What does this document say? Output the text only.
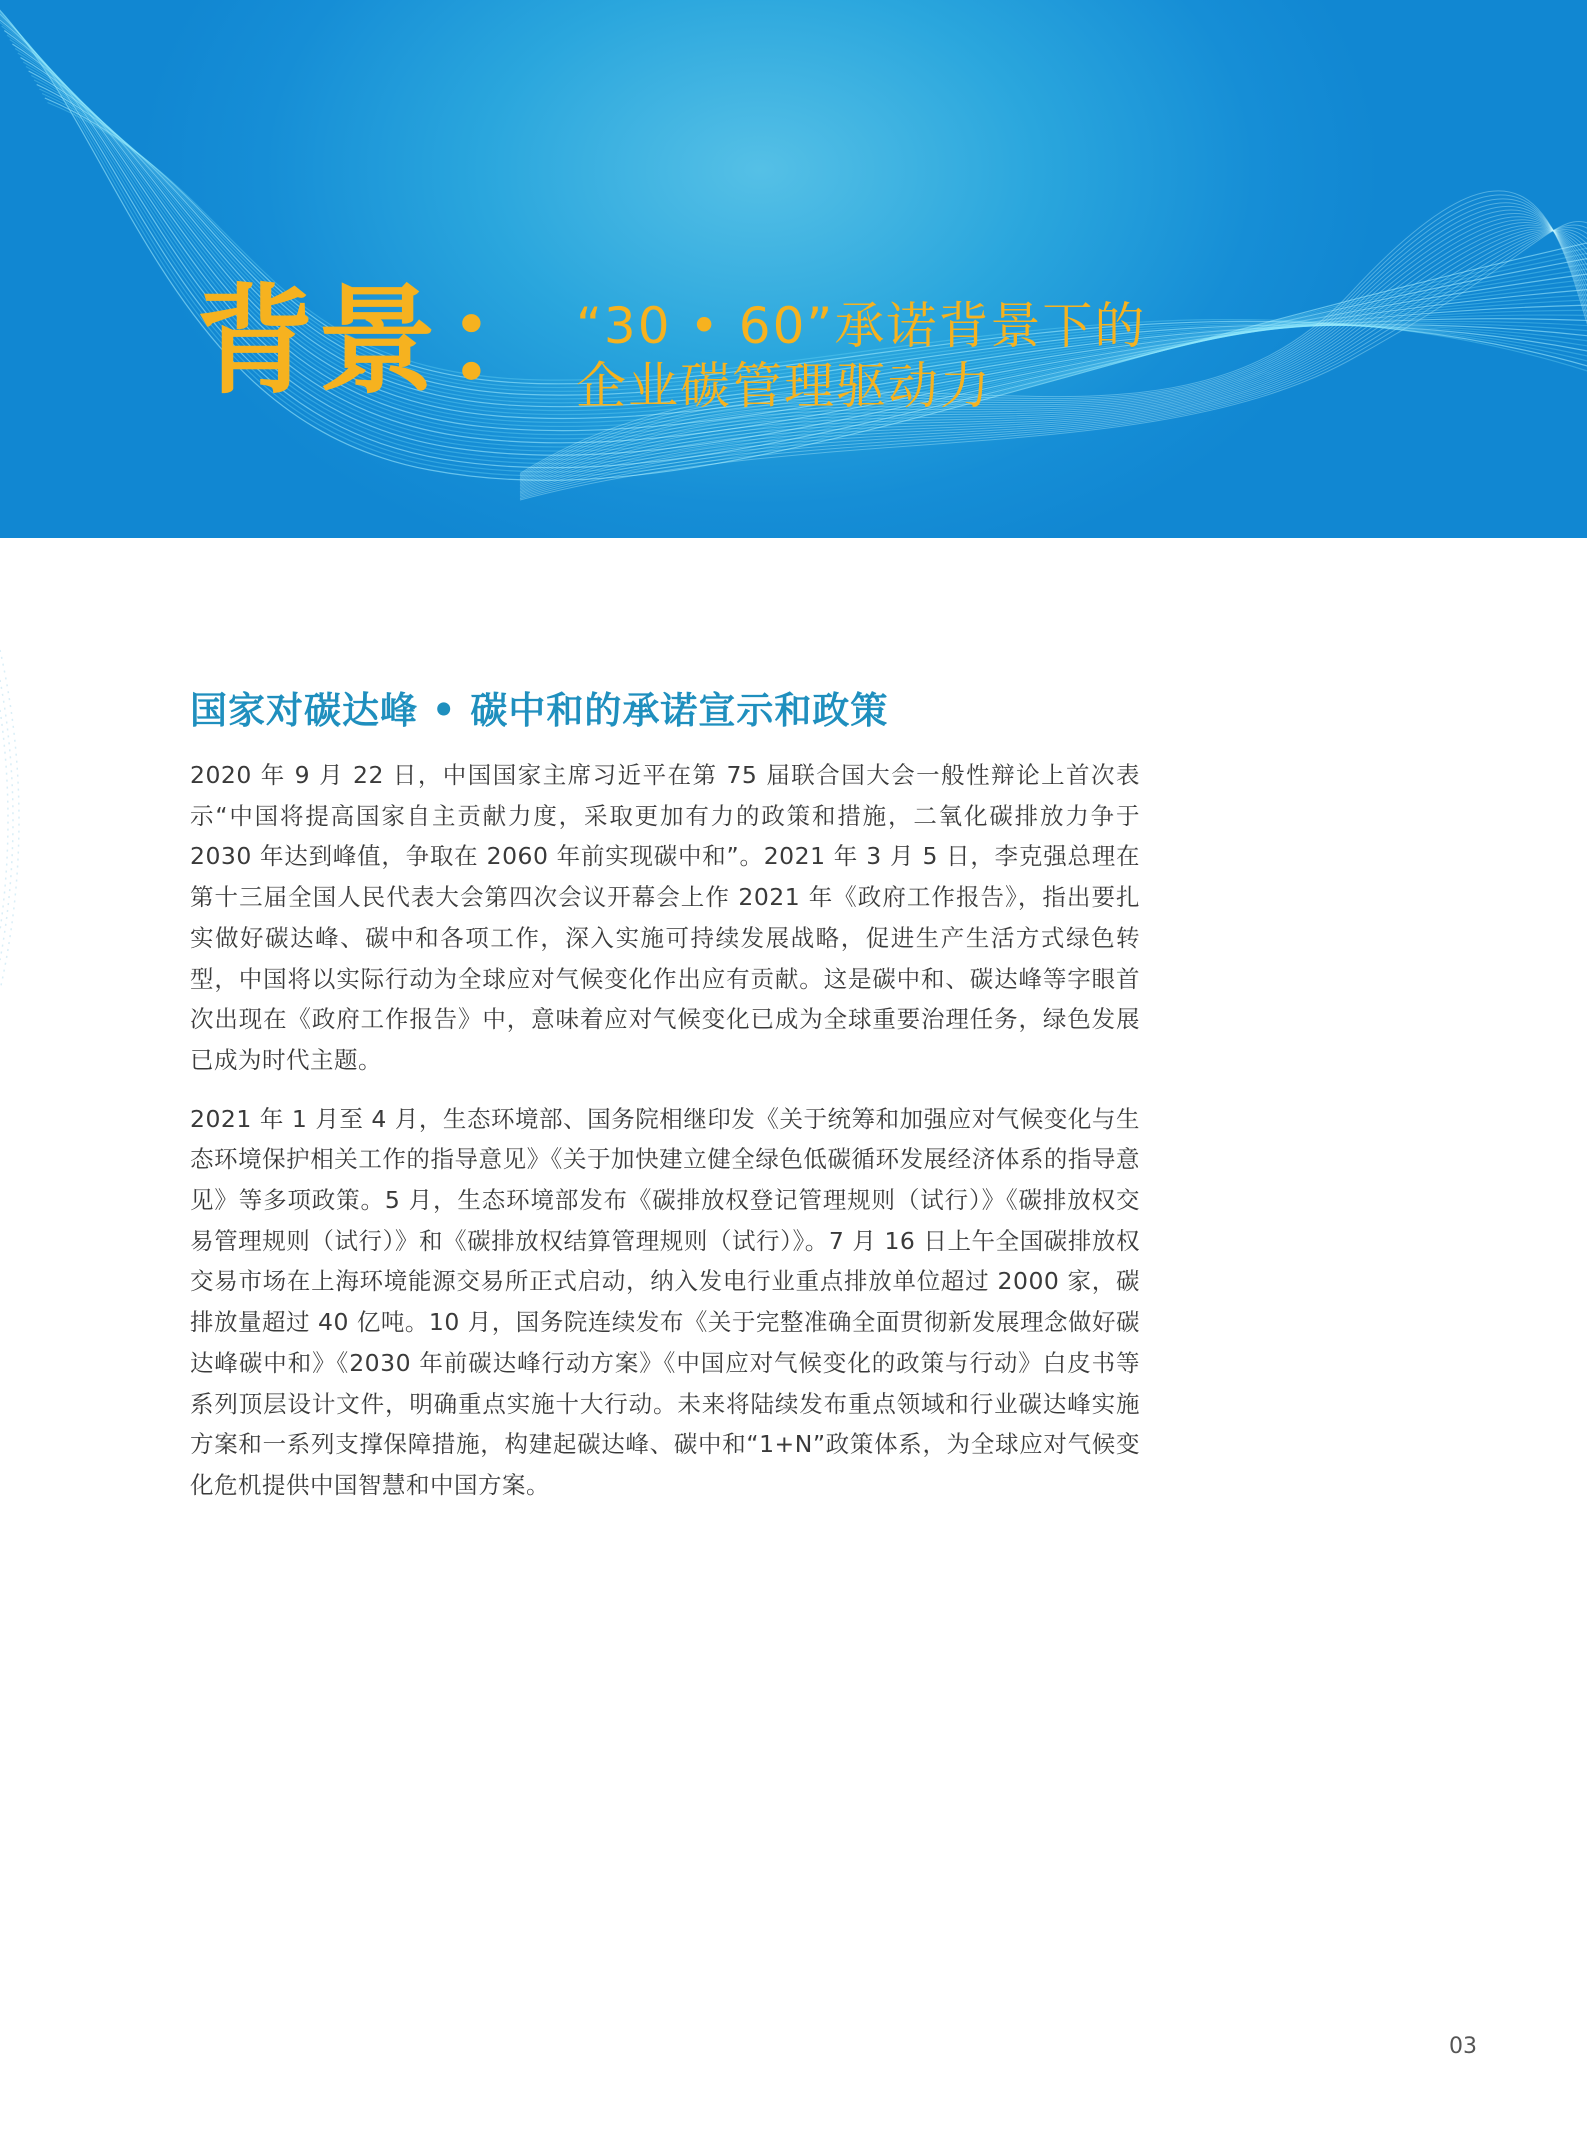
背景： “30 • 60”承诺背景下的
企业碳管理驱动力
国家对碳达峰 • 碳中和的承诺宣示和政策

2020 年 9 月 22 日，中国国家主席习近平在第 75 届联合国大会一般性辩论上首次表示“中国将提高国家自主贡献力度，采取更加有力的政策和措施，二氧化碳排放力争于 2030 年达到峰值，争取在 2060 年前实现碳中和”。2021 年 3 月 5 日，李克强总理在第十三届全国人民代表大会第四次会议开幕会上作 2021 年《政府工作报告》，指出要扎实做好碳达峰、碳中和各项工作，深入实施可持续发展战略，促进生产生活方式绿色转型，中国将以实际行动为全球应对气候变化作出应有贡献。这是碳中和、碳达峰等字眼首次出现在《政府工作报告》中，意味着应对气候变化已成为全球重要治理任务，绿色发展已成为时代主题。

2021 年 1 月至 4 月，生态环境部、国务院相继印发《关于统筹和加强应对气候变化与生态环境保护相关工作的指导意见》《关于加快建立健全绿色低碳循环发展经济体系的指导意见》等多项政策。5 月，生态环境部发布《碳排放权登记管理规则（试行）》《碳排放权交易管理规则（试行）》和《碳排放权结算管理规则（试行）》。7 月 16 日上午全国碳排放权交易市场在上海环境能源交易所正式启动，纳入发电行业重点排放单位超过 2000 家，碳排放量超过 40 亿吨。10 月，国务院连续发布《关于完整准确全面贯彻新发展理念做好碳达峰碳中和》《2030 年前碳达峰行动方案》《中国应对气候变化的政策与行动》白皮书等系列顶层设计文件，明确重点实施十大行动。未来将陆续发布重点领域和行业碳达峰实施方案和一系列支撑保障措施，构建起碳达峰、碳中和“1+N”政策体系，为全球应对气候变化危机提供中国智慧和中国方案。

03
